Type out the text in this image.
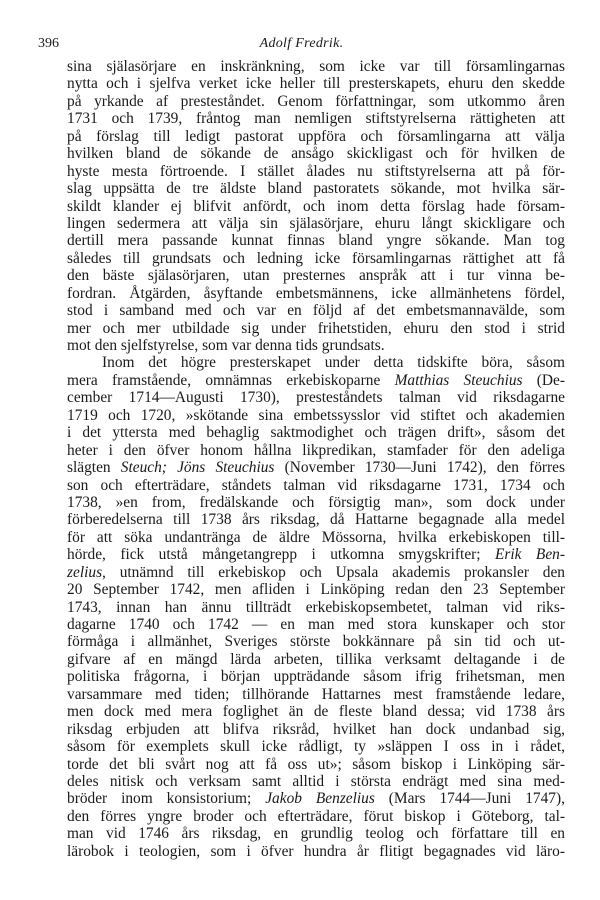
396	Adolf Fredrik.
sina själasörjare en inskränkning, som icke var till församlingarnas
nytta och i sjelfva verket icke heller till presterskapets, ehuru den skedde
på yrkande af presteståndet. Genom författningar, som utkommo åren
1731 och 1739, fråntog man nemligen stiftstyrelserna rättigheten att
på förslag till ledigt pastorat uppföra och församlingarna att välja
hvilken bland de sökande de ansågo skickligast och för hvilken de
hyste mesta förtroende. I stället ålades nu stiftstyrelserna att på för-
slag uppsätta de tre äldste bland pastoratets sökande, mot hvilka sär-
skildt klander ej blifvit anfördt, och inom detta förslag hade försam-
lingen sedermera att välja sin själasörjare, ehuru långt skickligare och
dertill mera passande kunnat finnas bland yngre sökande. Man tog
således till grundsats och ledning icke församlingarnas rättighet att få
den bäste själasörjaren, utan presternes anspråk att i tur vinna be-
fordran. Åtgärden, åsyftande embetsmännens, icke allmänhetens fördel,
stod i samband med och var en följd af det embetsmannavälde, som
mer och mer utbildade sig under frihetstiden, ehuru den stod i strid
mot den sjelfstyrelse, som var denna tids grundsats.
Inom det högre presterskapet under detta tidskifte böra, såsom
mera framstående, omnämnas erkebiskoparne Matthias Steuchius (De-
cember 1714—Augusti 1730), presteståndets talman vid riksdagarne
1719 och 1720, »skötande sina embetssysslor vid stiftet och akademien
i det yttersta med behaglig saktmodighet och trägen drift», såsom det
heter i den öfver honom hållna likpredikan, stamfader för den adeliga
slägten Steuch; Jöns Steuchius (November 1730—Juni 1742), den förres
son och efterträdare, ståndets talman vid riksdagarne 1731, 1734 och
1738, »en from, fredälskande och försigtig man», som dock under
förberedelserna till 1738 års riksdag, då Hattarne begagnade alla medel
för att söka undantränga de äldre Mössorna, hvilka erkebiskopen till-
hörde, fick utstå mångetangrepp i utkomna smygskrifter; Erik Ben-
zelius, utnämnd till erkebiskop och Upsala akademis prokansler den
20 September 1742, men afliden i Linköping redan den 23 September
1743, innan han ännu tillträdt erkebiskopsembetet, talman vid riks-
dagarne 1740 och 1742 — en man med stora kunskaper och stor
förmåga i allmänhet, Sveriges störste bokkännare på sin tid och ut-
gifvare af en mängd lärda arbeten, tillika verksamt deltagande i de
politiska frågorna, i början uppträdande såsom ifrig frihetsman, men
varsammare med tiden; tillhörande Hattarnes mest framstående ledare,
men dock med mera foglighet än de fleste bland dessa; vid 1738 års
riksdag erbjuden att blifva riksråd, hvilket han dock undanbad sig,
såsom för exemplets skull icke rådligt, ty »släppen I oss in i rådet,
torde det bli svårt nog att få oss ut»; såsom biskop i Linköping sär-
deles nitisk och verksam samt alltid i största endrägt med sina med-
bröder inom konsistorium; Jakob Benzelius (Mars 1744—Juni 1747),
den förres yngre broder och efterträdare, förut biskop i Göteborg, tal-
man vid 1746 års riksdag, en grundlig teolog och författare till en
lärobok i teologien, som i öfver hundra år flitigt begagnades vid läro-
